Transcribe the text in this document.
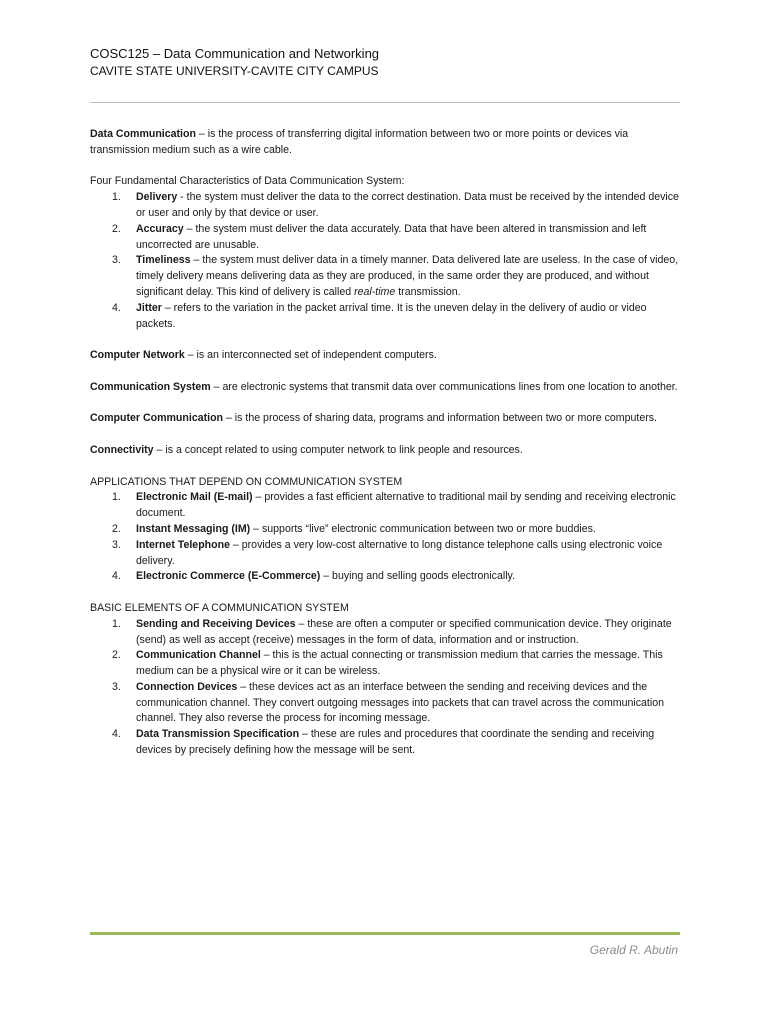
COSC125 – Data Communication and Networking
CAVITE STATE UNIVERSITY-CAVITE CITY CAMPUS

Data Communication – is the process of transferring digital information between two or more points or devices via transmission medium such as a wire cable.

Four Fundamental Characteristics of Data Communication System:

1. Delivery - the system must deliver the data to the correct destination. Data must be received by the intended device or user and only by that device or user.
2. Accuracy – the system must deliver the data accurately. Data that have been altered in transmission and left uncorrected are unusable.
3. Timeliness – the system must deliver data in a timely manner. Data delivered late are useless. In the case of video, timely delivery means delivering data as they are produced, in the same order they are produced, and without significant delay. This kind of delivery is called real-time transmission.
4. Jitter – refers to the variation in the packet arrival time. It is the uneven delay in the delivery of audio or video packets.

Computer Network – is an interconnected set of independent computers.

Communication System – are electronic systems that transmit data over communications lines from one location to another.

Computer Communication – is the process of sharing data, programs and information between two or more computers.

Connectivity – is a concept related to using computer network to link people and resources.

APPLICATIONS THAT DEPEND ON COMMUNICATION SYSTEM

1. Electronic Mail (E-mail) – provides a fast efficient alternative to traditional mail by sending and receiving electronic document.
2. Instant Messaging (IM) – supports “live” electronic communication between two or more buddies.
3. Internet Telephone – provides a very low-cost alternative to long distance telephone calls using electronic voice delivery.
4. Electronic Commerce (E-Commerce) – buying and selling goods electronically.

BASIC ELEMENTS OF A COMMUNICATION SYSTEM

1. Sending and Receiving Devices – these are often a computer or specified communication device. They originate (send) as well as accept (receive) messages in the form of data, information and or instruction.
2. Communication Channel – this is the actual connecting or transmission medium that carries the message. This medium can be a physical wire or it can be wireless.
3. Connection Devices – these devices act as an interface between the sending and receiving devices and the communication channel. They convert outgoing messages into packets that can travel across the communication channel. They also reverse the process for incoming message.
4. Data Transmission Specification – these are rules and procedures that coordinate the sending and receiving devices by precisely defining how the message will be sent.
Gerald R. Abutin
